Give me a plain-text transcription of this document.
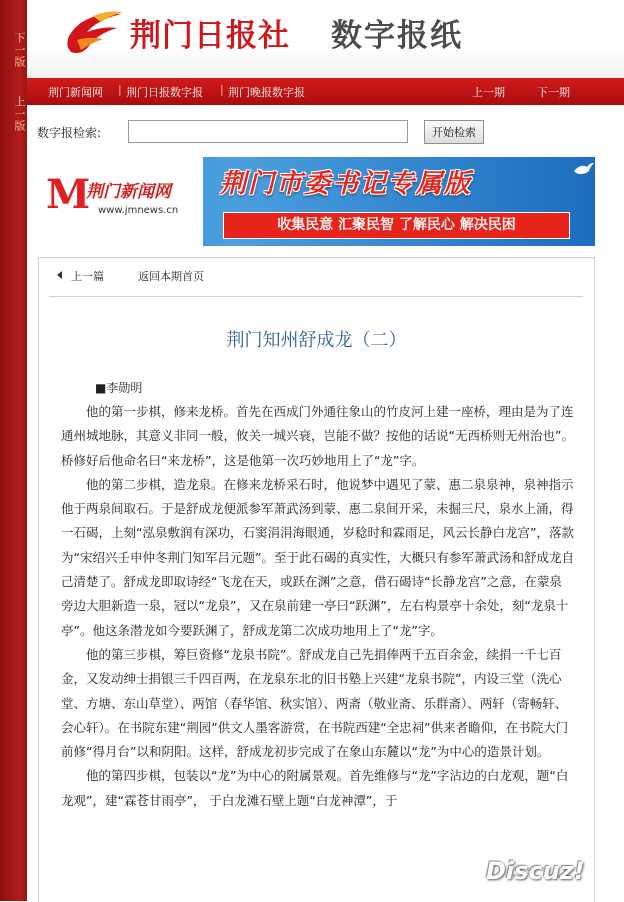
下一版
上一版
荆门日报社 数字报纸
荆门新闻网 | 荆门日报数字报 | 荆门晚报数字报	上一期	下一期
数字报检索:	开始检索
M
荆门新闻网
www.jmnews.cn
荆门市委书记专属版
收集民意 汇聚民智 了解民心 解决民困
上一篇	返回本期首页
荆门知州舒成龙（二）
■李勋明

他的第一步棋，修来龙桥。首先在西成门外通往象山的竹皮河上建一座桥，理由是为了连通州城地脉，其意义非同一般，攸关一城兴衰，岂能不做？按他的话说“无西桥则无州治也”。桥修好后他命名曰“来龙桥”，这是他第一次巧妙地用上了“龙”字。

他的第二步棋，造龙泉。在修来龙桥采石时，他说梦中遇见了蒙、惠二泉泉神，泉神指示他于两泉间取石。于是舒成龙便派参军萧武汤到蒙、惠二泉间开采，未掘三尺，泉水上涌，得一石碣，上刻“泓泉敷润有深功，石窦涓涓海眼通，岁稔时和霖雨足，风云长静白龙宫”，落款为“宋绍兴壬申仲冬荆门知军吕元题”。至于此石碣的真实性，大概只有参军萧武汤和舒成龙自己清楚了。舒成龙即取诗经“飞龙在天，或跃在渊”之意，借石碣诗“长静龙宫”之意，在蒙泉旁边大胆新造一泉，冠以“龙泉”，又在泉前建一亭曰“跃渊”，左右构景亭十余处，刻“龙泉十亭”。他这条潜龙如今要跃渊了，舒成龙第二次成功地用上了“龙”字。

他的第三步棋，筹巨资修“龙泉书院”。舒成龙自己先捐俸两千五百余金，续捐一千七百金，又发动绅士捐银三千四百两，在龙泉东北的旧书塾上兴建“龙泉书院”，内设三堂（洗心堂、方塘、东山草堂）、两馆（春华馆、秋实馆）、两斋（敬业斋、乐群斋）、两轩（寄畅轩、会心轩）。在书院东建“荆园”供文人墨客游赏，在书院西建“全忠祠”供来者瞻仰，在书院大门前修“得月台”以和阴阳。这样，舒成龙初步完成了在象山东麓以“龙”为中心的造景计划。

他的第四步棋，包装以“龙”为中心的附属景观。首先维修与“龙”字沾边的白龙观，题“白龙观”，建“霖苍甘雨亭”， 于白龙滩石壁上题“白龙神潭”，于

Discuz!
